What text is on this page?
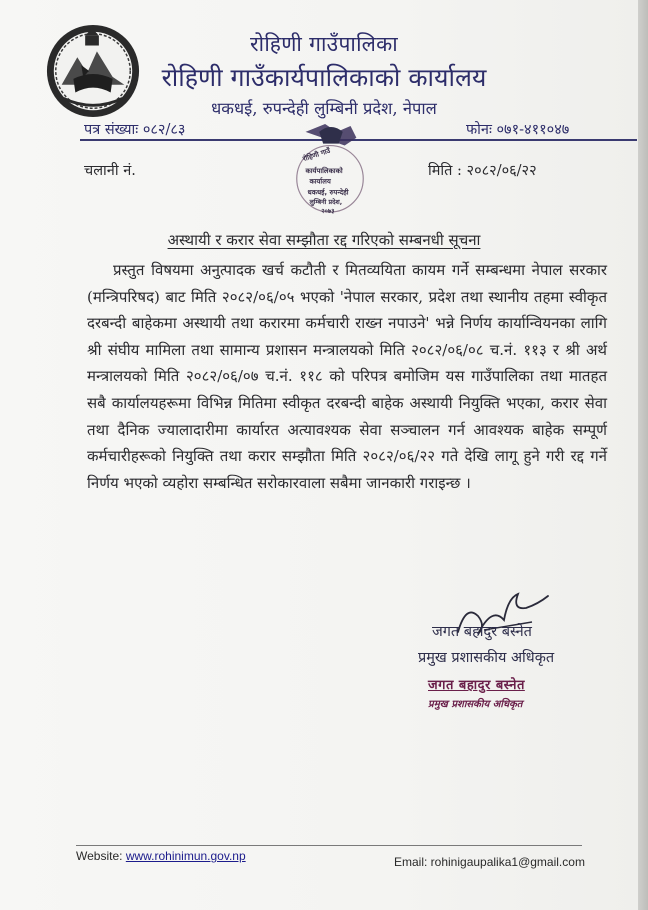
रोहिणी गाउँपालिका
रोहिणी गाउँकार्यपालिकाको कार्यालय
धकधई, रुपन्देही लुम्बिनी प्रदेश, नेपाल
पत्र संख्याः ०८२/८३	फोनः ०७१-४११०४७
रोहिणी गाउँ
कार्यपालिकाको
कार्यालय
धकधई, रुपन्देही
लुम्बिनी प्रदेश,
२०७३
चलानी नं.	मिति : २०८२/०६/२२
अस्थायी र करार सेवा सम्झौता रद्द गरिएको सम्बनधी सूचना
प्रस्तुत विषयमा अनुत्पादक खर्च कटौती र मितव्ययिता कायम गर्ने सम्बन्धमा नेपाल सरकार (मन्त्रिपरिषद) बाट मिति २०८२/०६/०५ भएको 'नेपाल सरकार, प्रदेश तथा स्थानीय तहमा स्वीकृत दरबन्दी बाहेकमा अस्थायी तथा करारमा कर्मचारी राख्न नपाउने' भन्ने निर्णय कार्यान्वियनका लागि श्री संघीय मामिला तथा सामान्य प्रशासन मन्त्रालयको मिति २०८२/०६/०८ च.नं. ११३ र श्री अर्थ मन्त्रालयको मिति २०८२/०६/०७ च.नं. ११८ को परिपत्र बमोजिम यस गाउँपालिका तथा मातहत सबै कार्यालयहरूमा विभिन्न मितिमा स्वीकृत दरबन्दी बाहेक अस्थायी नियुक्ति भएका, करार सेवा तथा दैनिक ज्यालादारीमा कार्यारत अत्यावश्यक सेवा सञ्चालन गर्न आवश्यक बाहेक सम्पूर्ण कर्मचारीहरूको नियुक्ति तथा करार सम्झौता मिति २०८२/०६/२२ गते देखि लागू हुने गरी रद्द गर्ने निर्णय भएको व्यहोरा सम्बन्धित सरोकारवाला सबैमा जानकारी गराइन्छ ।
जगत बहादुर बस्नेत
प्रमुख प्रशासकीय अधिकृत
जगत बहादुर बस्नेत
प्रमुख प्रशासकीय अधिकृत
Website: www.rohinimun.gov.np	Email: rohinigaupalika1@gmail.com
